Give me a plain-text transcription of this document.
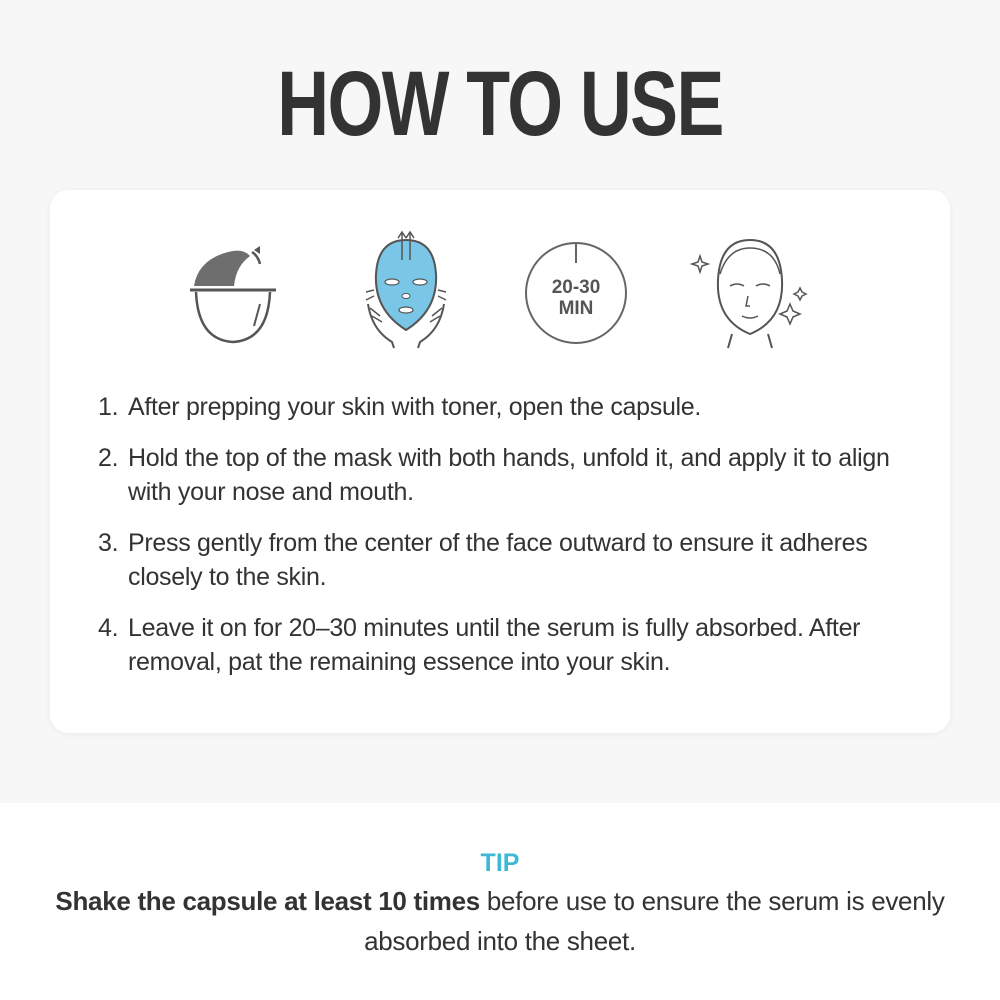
HOW TO USE
20-30
MIN
1. After prepping your skin with toner, open the capsule.
2. Hold the top of the mask with both hands, unfold it, and apply it to align with your nose and mouth.
3. Press gently from the center of the face outward to ensure it adheres closely to the skin.
4. Leave it on for 20–30 minutes until the serum is fully absorbed. After removal, pat the remaining essence into your skin.
TIP
Shake the capsule at least 10 times before use to ensure the serum is evenly absorbed into the sheet.
